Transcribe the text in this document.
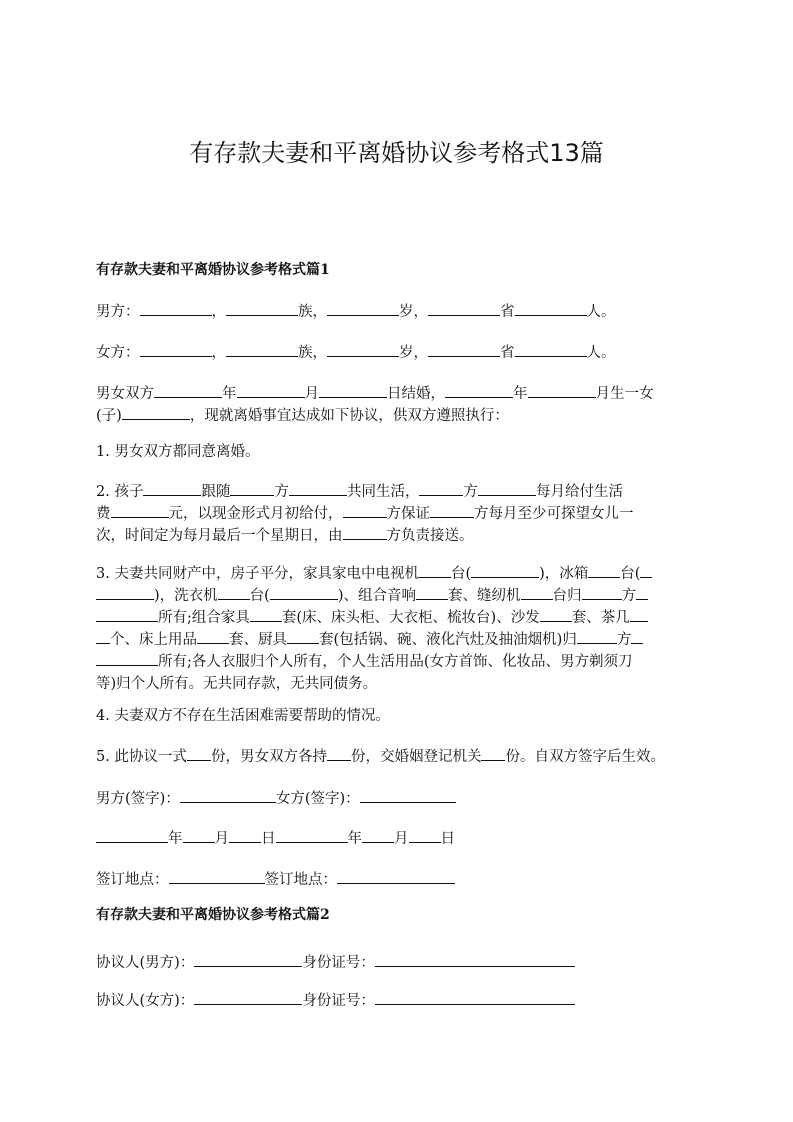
有存款夫妻和平离婚协议参考格式13篇
有存款夫妻和平离婚协议参考格式篇1

男方：	，	族，	岁，	省	人。

女方：	，	族，	岁，	省	人。

男女双方	年	月	日结婚，	年	月生一女
(子)	，现就离婚事宜达成如下协议，供双方遵照执行：

1. 男女双方都同意离婚。

2. 孩子	跟随	方	共同生活，	方	每月给付生活
费	元，以现金形式月初给付，	方保证	方每月至少可探望女儿一
次，时间定为每月最后一个星期日，由	方负责接送。

3. 夫妻共同财产中，房子平分，家具家电中电视机 台(	)，冰箱 台(
)，洗衣机 台(	)、组合音响 套、缝纫机 台归	方
所有;组合家具 套(床、床头柜、大衣柜、梳妆台)、沙发 套、茶几
个、床上用品 套、厨具 套(包括锅、碗、液化汽灶及抽油烟机)归	方
所有;各人衣服归个人所有，个人生活用品(女方首饰、化妆品、男方剃须刀
等)归个人所有。无共同存款，无共同债务。

4. 夫妻双方不存在生活困难需要帮助的情况。

5. 此协议一式 份，男女双方各持 份，交婚姻登记机关 份。自双方签字后生效。

男方(签字)：	女方(签字)：

年 月 日	年 月 日

签订地点：	签订地点：

有存款夫妻和平离婚协议参考格式篇2

协议人(男方)：	身份证号：

协议人(女方)：	身份证号：
